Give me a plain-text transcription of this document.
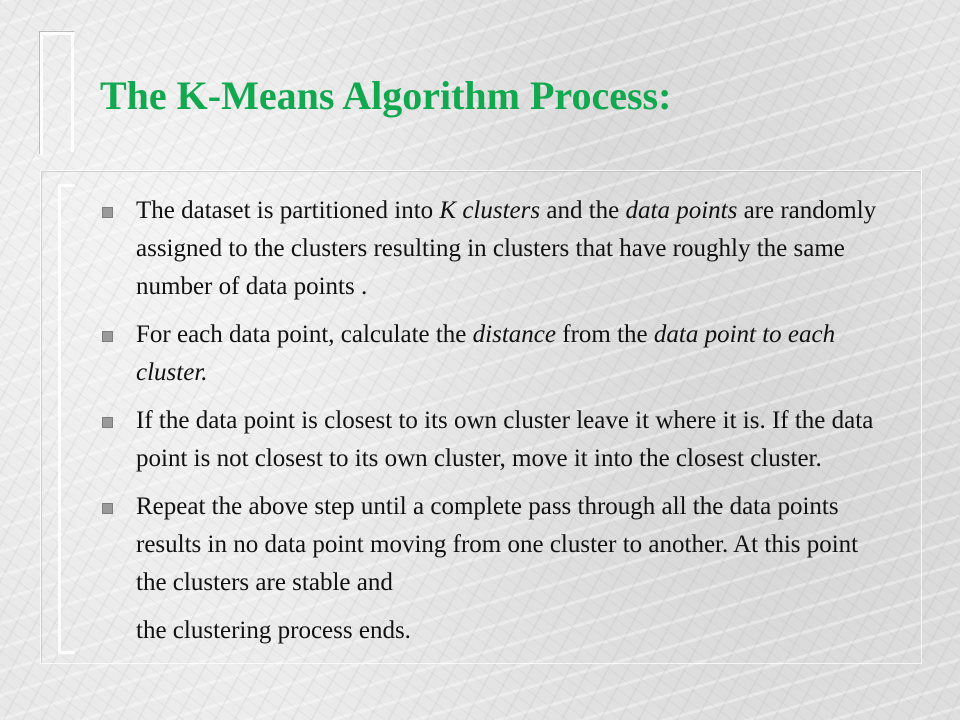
The K-Means Algorithm Process:
The dataset is partitioned into K clusters and the data points are randomly assigned to the clusters resulting in clusters that have roughly the same number of data points .
For each data point, calculate the distance from the data point to each cluster.
If the data point is closest to its own cluster leave it where it is. If the data point is not closest to its own cluster, move it into the closest cluster.
Repeat the above step until a complete pass through all the data points results in no data point moving from one cluster to another. At this point the clusters are stable and
the clustering process ends.
